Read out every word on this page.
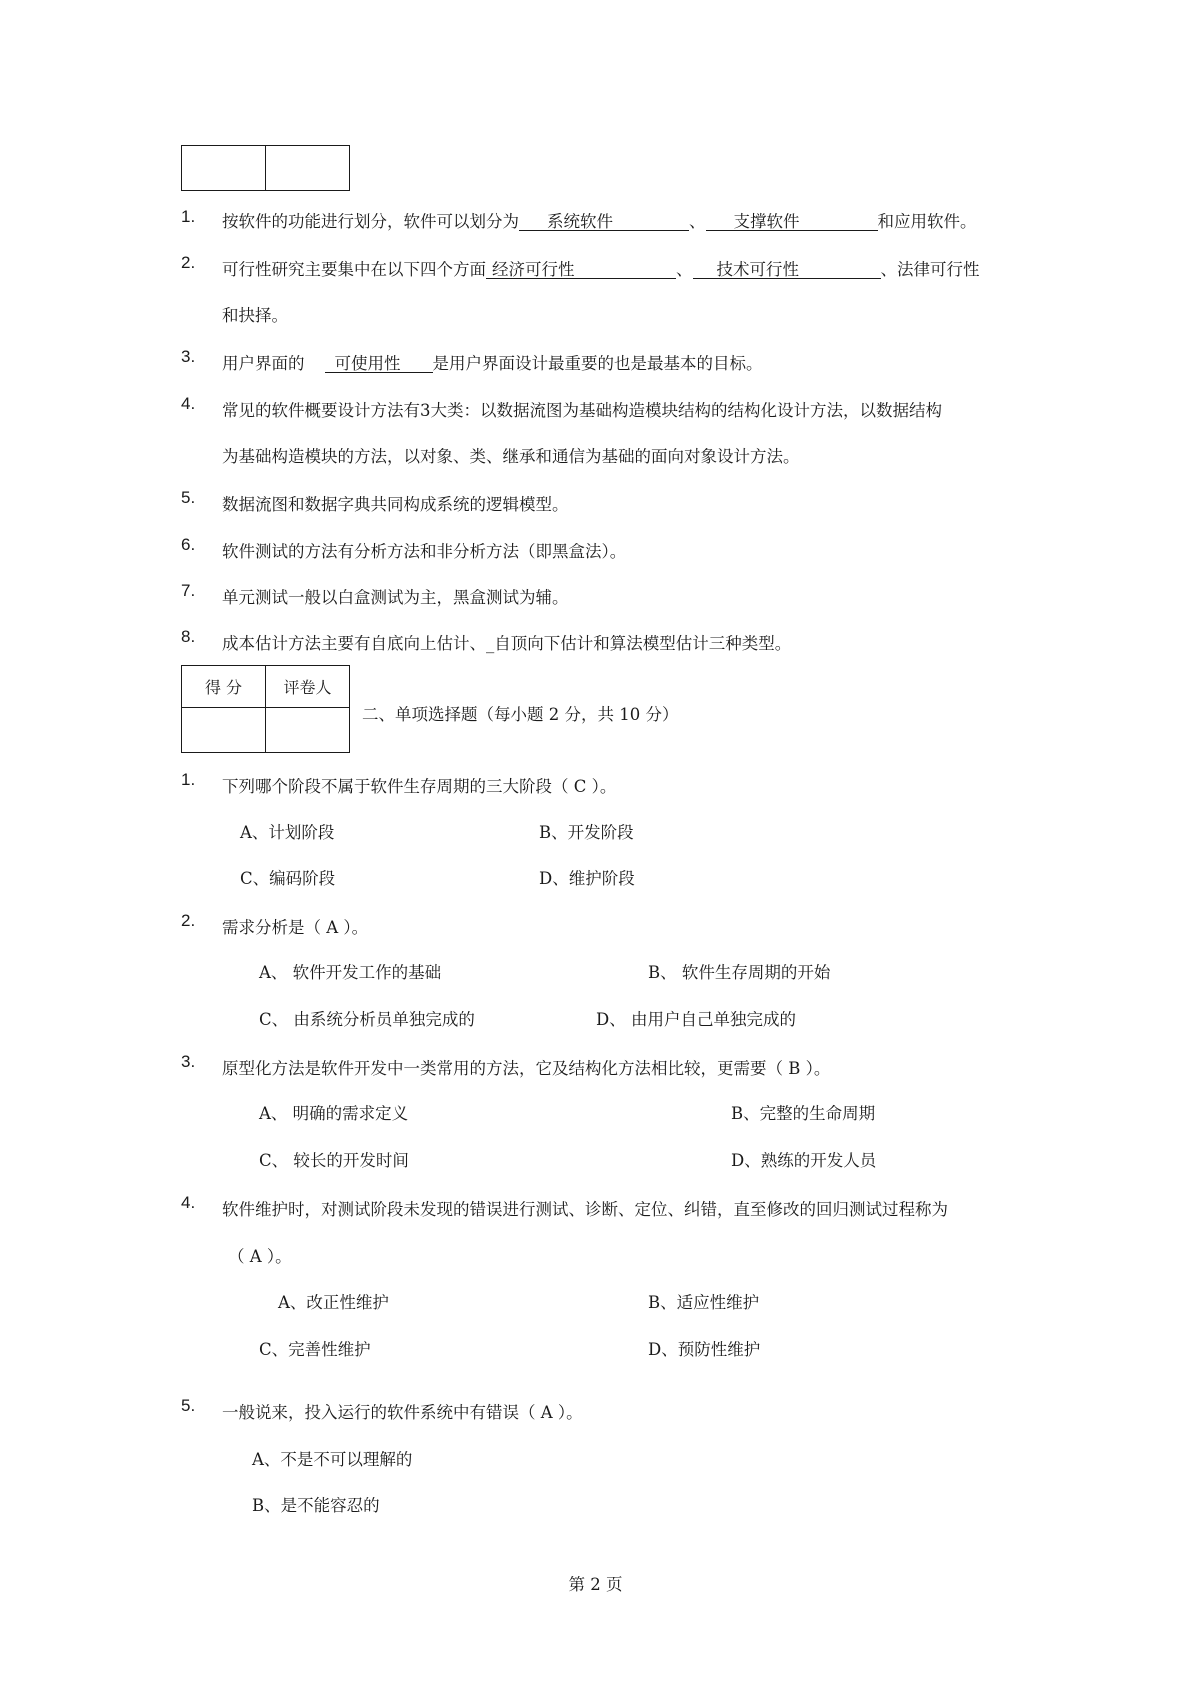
1. 按软件的功能进行划分，软件可以划分为 系统软件	、 支撑软件	和应用软件。
2. 可行性研究主要集中在以下四个方面 经济可行性	、 技术可行性	、法律可行性
和抉择。
3. 用户界面的 可使用性 是用户界面设计最重要的也是最基本的目标。
4. 常见的软件概要设计方法有3大类：以数据流图为基础构造模块结构的结构化设计方法，以数据结构
为基础构造模块的方法，以对象、类、继承和通信为基础的面向对象设计方法。
5. 数据流图和数据字典共同构成系统的逻辑模型。
6. 软件测试的方法有分析方法和非分析方法（即黑盒法）。
7. 单元测试一般以白盒测试为主，黑盒测试为辅。
8. 成本估计方法主要有自底向上估计、_自顶向下估计和算法模型估计三种类型。
得 分	评卷人

二、单项选择题（每小题 2 分，共 10 分）
1. 下列哪个阶段不属于软件生存周期的三大阶段（ C ）。
A、计划阶段	B、开发阶段
C、编码阶段	D、维护阶段
2. 需求分析是（ A ）。
A、 软件开发工作的基础	B、 软件生存周期的开始
C、 由系统分析员单独完成的	D、 由用户自己单独完成的
3. 原型化方法是软件开发中一类常用的方法，它及结构化方法相比较，更需要（ B ）。
A、 明确的需求定义	B、完整的生命周期
C、 较长的开发时间	D、熟练的开发人员
4. 软件维护时，对测试阶段未发现的错误进行测试、诊断、定位、纠错，直至修改的回归测试过程称为
（ A ）。
A、改正性维护	B、适应性维护
C、完善性维护	D、预防性维护
5. 一般说来，投入运行的软件系统中有错误（ A ）。
A、不是不可以理解的
B、是不能容忍的
第 2 页
